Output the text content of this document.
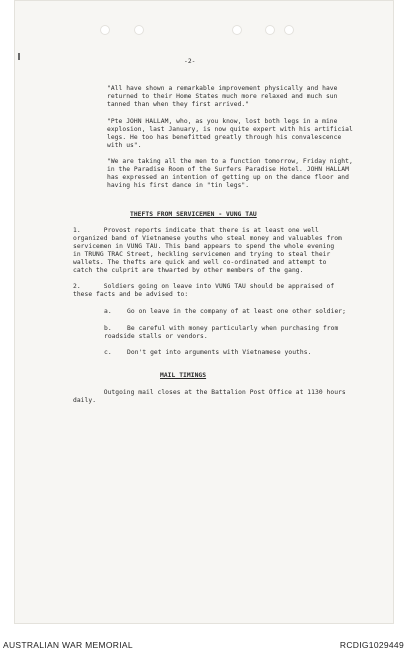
-2-
"All have shown a remarkable improvement physically and have
returned to their Home States much more relaxed and much sun
tanned than when they first arrived."
"Pte JOHN HALLAM, who, as you know, lost both legs in a mine
explosion, last January, is now quite expert with his artificial
legs. He too has benefitted greatly through his convalescence
with us".
"We are taking all the men to a function tomorrow, Friday night,
in the Paradise Room of the Surfers Paradise Hotel. JOHN HALLAM
has expressed an intention of getting up on the dance floor and
having his first dance in "tin legs".
THEFTS FROM SERVICEMEN - VUNG TAU
1.      Provost reports indicate that there is at least one well
organized band of Vietnamese youths who steal money and valuables from
servicemen in VUNG TAU. This band appears to spend the whole evening
in TRUNG TRAC Street, heckling servicemen and trying to steal their
wallets. The thefts are quick and well co-ordinated and attempt to
catch the culprit are thwarted by other members of the gang.
2.      Soldiers going on leave into VUNG TAU should be appraised of
these facts and be advised to:
a.    Go on leave in the company of at least one other soldier;
b.    Be careful with money particularly when purchasing from
roadside stalls or vendors.
c.    Don't get into arguments with Vietnamese youths.
MAIL TIMINGS
Outgoing mail closes at the Battalion Post Office at 1130 hours
daily.
AUSTRALIAN WAR MEMORIAL	RCDIG1029449
